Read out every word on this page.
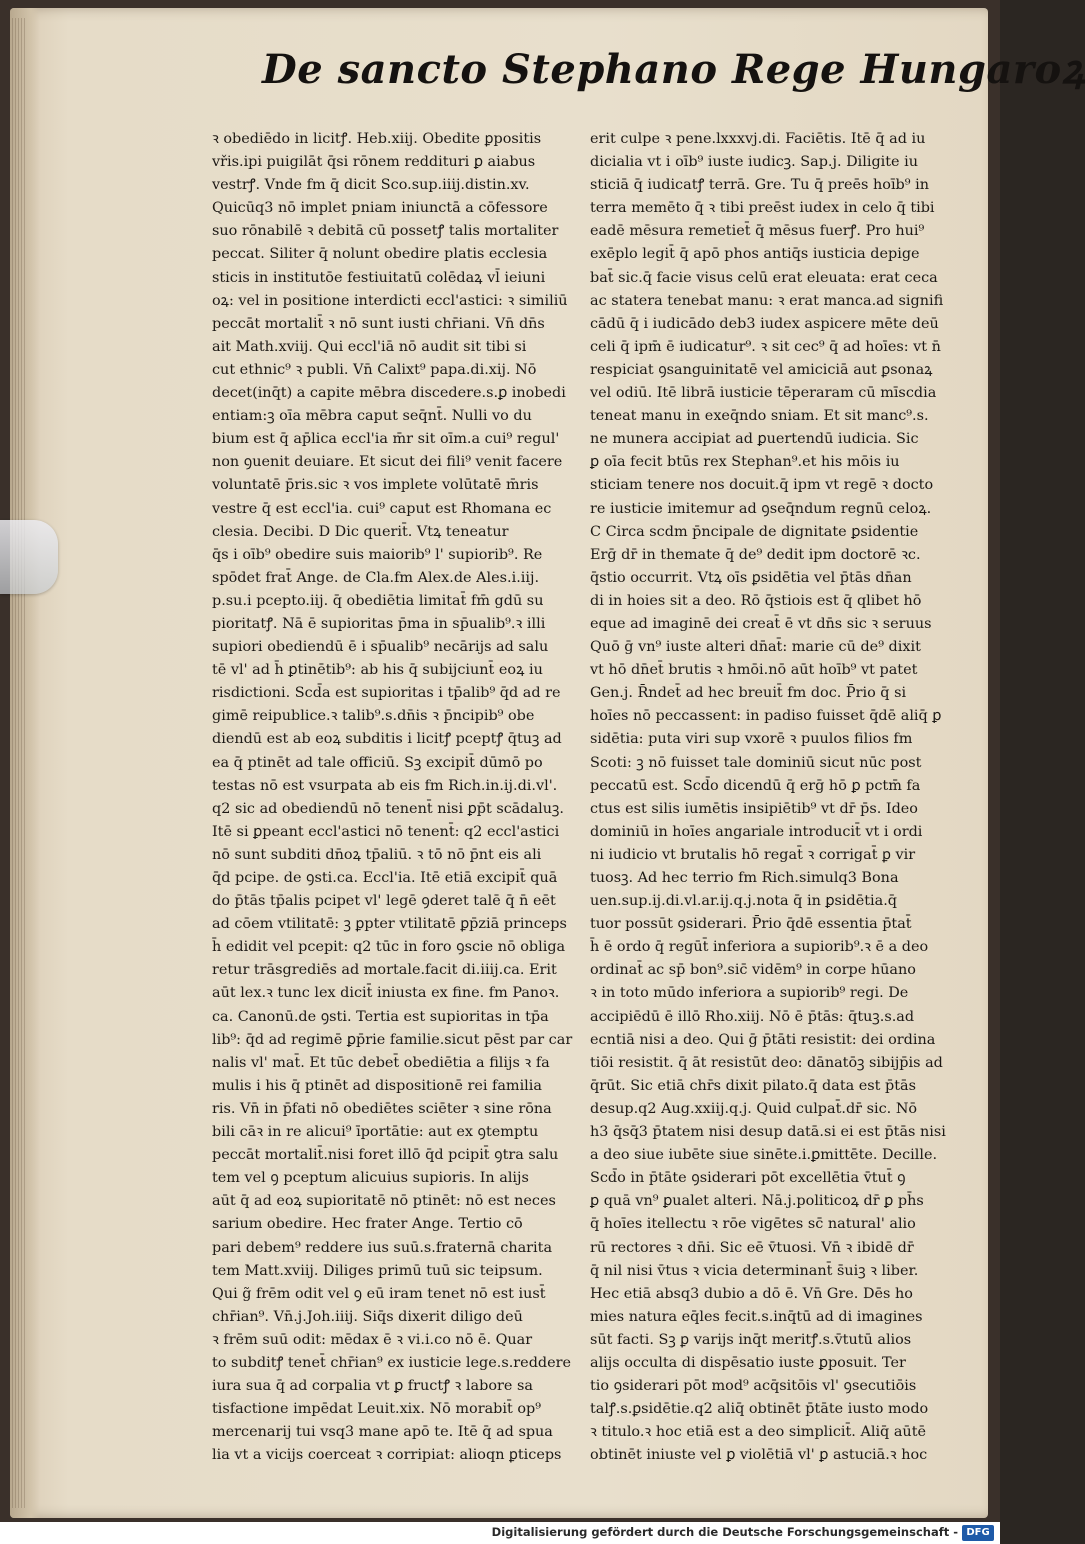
De sancto Stephano Rege Hungaroꝝ
ꝛ obediēdo in licitꝭ. Heb.xiij. Obedite ꝑpositis
vřis.ipi puigilāt q̄si rōnem reddituri ꝑ aiabus
vestrꝭ. Vnde fm q̄ dicit Sco.sup.iiij.distin.xv.
Quicūq3 nō implet pniam iniunctā a cōfessore
suo rōnabilē ꝛ debitā cū possetꝭ talis mortaliter
peccat. Siliter q̄ nolunt obedire platis ecclesia
sticis in institutōe festiuitatū colēdaꝝ vl̄ ieiuni
oꝝ: vel in positione interdicti eccl'astici: ꝛ similiū
peccāt mortalit̄ ꝛ nō sunt iusti chr̄iani. Vn̄ dn̄s
ait Math.xviij. Qui eccl'iā nō audit sit tibi si
cut ethnic⁹ ꝛ publi. Vn̄ Calixt⁹ papa.di.xij. Nō
decet(inq̄t) a capite mēbra discedere.s.ꝑ inobedi
entiam:ꝫ oīa mēbra caput seq̄nt̄. Nulli vo du
bium est q̄ ap̄lica eccl'ia m̄r sit oīm.a cui⁹ regul'
non ꝯuenit deuiare. Et sicut dei fili⁹ venit facere
voluntatē p̄ris.sic ꝛ vos implete volūtatē m̄ris
vestre q̄ est eccl'ia. cui⁹ caput est Rhomana ec
clesia. Decibi. D Dic querit̄. Vtꝝ teneatur
q̄s i oīb⁹ obedire suis maiorib⁹ l' supiorib⁹. Re
spōdet frat̄ Ange. de Cla.fm Alex.de Ales.i.iij.
p.su.i pcepto.iij. q̄ obediētia limitat̄ fm̄ gdū su
pioritatꝭ. Nā ē supioritas p̄ma in sp̄ualib⁹.ꝛ illi
supiori obediendū ē i sp̄ualib⁹ necārijs ad salu
tē vl' ad h̄ ꝑtinētib⁹: ab his q̄ subijciunt̄ eoꝝ iu
risdictioni. Scd̄a est supioritas i tp̄alib⁹ q̄d ad re
gimē reipublice.ꝛ talib⁹.s.dn̄is ꝛ p̄ncipib⁹ obe
diendū est ab eoꝝ subditis i licitꝭ pceptꝭ q̄tuꝫ ad
ea q̄ ptinēt ad tale officiū. Sꝫ excipit̄ dūmō po
testas nō est vsurpata ab eis fm Rich.in.ij.di.vl'.
q2 sic ad obediendū nō tenent̄ nisi ꝑp̄t scādaluꝫ.
Itē si ꝑpeant eccl'astici nō tenent̄: q2 eccl'astici
nō sunt subditi dn̄oꝝ tp̄aliū. ꝛ tō nō p̄nt eis ali
q̄d pcipe. de ꝯsti.ca. Eccl'ia. Itē etiā excipit̄ quā
do p̄tās tp̄alis pcipet vl' legē ꝯderet talē q̄ n̄ eēt
ad cōem vtilitatē: ꝫ ꝑpter vtilitatē ꝑp̄ziā princeps
h̄ edidit vel pcepit: q2 tūc in foro ꝯscie nō obliga
retur trāsgrediēs ad mortale.facit di.iiij.ca. Erit
aūt lex.ꝛ tunc lex dicit̄ iniusta ex fine. fm Panoꝛ.
ca. Canonū.de ꝯsti. Tertia est supioritas in tp̄a
lib⁹: q̄d ad regimē ꝑp̄rie familie.sicut pēst par car
nalis vl' mat̄. Et tūc debet̄ obediētia a filijs ꝛ fa
mulis i his q̄ ptinēt ad dispositionē rei familia
ris. Vn̄ in p̄fati nō obediētes sciēter ꝛ sine rōna
bili cāꝛ in re alicui⁹ īportātie: aut ex ꝯtemptu
peccāt mortalit̄.nisi foret illō q̄d pcipit̄ ꝯtra salu
tem vel ꝯ pceptum alicuius supioris. In alijs
aūt q̄ ad eoꝝ supioritatē nō ptinēt: nō est neces
sarium obedire. Hec frater Ange. Tertio cō
pari debem⁹ reddere ius suū.s.fraternā charita
tem Matt.xviij. Diliges primū tuū sic teipsum.
Qui g̃ frēm odit vel ꝯ eū iram tenet nō est iust̄
chr̄ian⁹. Vn̄.j.Joh.iiij. Siq̄s dixerit diligo deū
ꝛ frēm suū odit: mēdax ē ꝛ vi.i.co nō ē. Quar
to subditꝭ tenet̄ chr̄ian⁹ ex iusticie lege.s.reddere
iura sua q̄ ad corpalia vt ꝑ fructꝭ ꝛ labore sa
tisfactione impēdat Leuit.xix. Nō morabit̄ op⁹
mercenarij tui vsq3 mane apō te. Itē q̄ ad spua
lia vt a vicijs coerceat ꝛ corripiat: alioqn ꝑticeps
erit culpe ꝛ pene.lxxxvj.di. Faciētis. Itē q̄ ad iu
dicialia vt i oīb⁹ iuste iudicꝫ. Sap.j. Diligite iu
sticiā q̄ iudicatꝭ terrā. Gre. Tu q̄ preēs hoīb⁹ in
terra memēto q̄ ꝛ tibi preēst iudex in celo q̄ tibi
eadē mēsura remetiet̄ q̄ mēsus fuerꝭ. Pro hui⁹
exēplo legit̄ q̄ apō phos antiq̄s iusticia depige
bat̄ sic.q̄ facie visus celū erat eleuata: erat ceca
ac statera tenebat manu: ꝛ erat manca.ad signifi
cādū q̄ i iudicādo deb3 iudex aspicere mēte deū
celi q̄ ipm̄ ē iudicatur⁹. ꝛ sit cec⁹ q̄ ad hoīes: vt n̄
respiciat ꝯsanguinitatē vel amiciciā aut ꝑsonaꝝ
vel odiū. Itē librā iusticie tēperaram cū mīscdia
teneat manu in exeq̄ndo sniam. Et sit manc⁹.s.
ne munera accipiat ad ꝑuertendū iudicia. Sic
ꝑ oīa fecit btūs rex Stephan⁹.et his mōis iu
sticiam tenere nos docuit.q̄ ipm vt regē ꝛ docto
re iusticie imitemur ad ꝯseq̄ndum regnū celoꝝ.
C Circa scdm p̄ncipale de dignitate ꝑsidentie
Erḡ dr̄ in themate q̄ de⁹ dedit ipm doctorē ꝛc.
q̄stio occurrit. Vtꝝ oīs ꝑsidētia vel p̄tās dn̄an
di in hoies sit a deo. Rō q̄stiois est q̄ qlibet hō
eque ad imaginē dei creat̄ ē vt dn̄s sic ꝛ seruus
Quō ḡ vn⁹ iuste alteri dn̄at̄: marie cū de⁹ dixit
vt hō dn̄et̄ brutis ꝛ hmōi.nō aūt hoīb⁹ vt patet
Gen.j. R̄ndet̄ ad hec breuit̄ fm doc. P̄rio q̄ si
hoīes nō peccassent: in padiso fuisset q̄dē aliq̄ ꝑ
sidētia: puta viri sup vxorē ꝛ puulos filios fm
Scoti: ꝫ nō fuisset tale dominiū sicut nūc post
peccatū est. Scd̄o dicendū q̄ erḡ hō ꝑ pctm̄ fa
ctus est silis iumētis insipiētib⁹ vt dr̄ p̄s. Ideo
dominiū in hoīes angariale introducit̄ vt i ordi
ni iudicio vt brutalis hō regat̄ ꝛ corrigat̄ ꝑ vir
tuosꝫ. Ad hec terrio fm Rich.simulq3 Bona
uen.sup.ij.di.vl.ar.ij.q.j.nota q̄ in ꝑsidētia.q̄
tuor possūt ꝯsiderari. P̄rio q̄dē essentia p̄tat̄
h̄ ē ordo q̄ regūt̄ inferiora a supiorib⁹.ꝛ ē a deo
ordinat̄ ac sp̄ bon⁹.sic̄ vidēm⁹ in corpe hūano
ꝛ in toto mūdo inferiora a supiorib⁹ regi. De
accipiēdū ē illō Rho.xiij. Nō ē p̄tās: q̄tuꝫ.s.ad
ecntiā nisi a deo. Qui ḡ p̄tāti resistit: dei ordina
tiōi resistit. q̄ āt resistūt deo: dānatōꝫ sibijp̄is ad
q̄rūt. Sic etiā chr̄s dixit pilato.q̄ data est p̄tās
desup.q2 Aug.xxiij.q.j. Quid culpat̄.dr̄ sic. Nō
h3 q̄sq̄3 p̄tatem nisi desup datā.si ei est p̄tās nisi
a deo siue iubēte siue sinēte.i.ꝑmittēte. Decille.
Scd̄o in p̄tāte ꝯsiderari pōt excellētia v̄tut̄ ꝯ
ꝑ quā vn⁹ ꝑualet alteri. Nā.j.politicoꝝ dr̄ ꝑ ph̄s
q̄ hoīes itellectu ꝛ rōe vigētes sc̄ natural' alio
rū rectores ꝛ dn̄i. Sic eē v̄tuosi. Vn̄ ꝛ ibidē dr̄
q̄ nil nisi v̄tus ꝛ vicia determinant̄ s̄uiꝫ ꝛ liber.
Hec etiā absq3 dubio a dō ē. Vn̄ Gre. Dēs ho
mies natura eq̄les fecit.s.inq̄tū ad di imagines
sūt facti. Sꝫ ꝑ varijs inq̄t meritꝭ.s.v̄tutū alios
alijs occulta di dispēsatio iuste ꝑposuit. Ter
tio ꝯsiderari pōt mod⁹ acq̄sitōis vl' ꝯsecutiōis
talꝭ.s.ꝑsidētie.q2 aliq̄ obtinēt p̄tāte iusto modo
ꝛ titulo.ꝛ hoc etiā est a deo simplicit̄. Aliq̄ aūtē
obtinēt iniuste vel ꝑ violētiā vl' ꝑ astuciā.ꝛ hoc
Digitalisierung gefördert durch die Deutsche Forschungsgemeinschaft - DFG
